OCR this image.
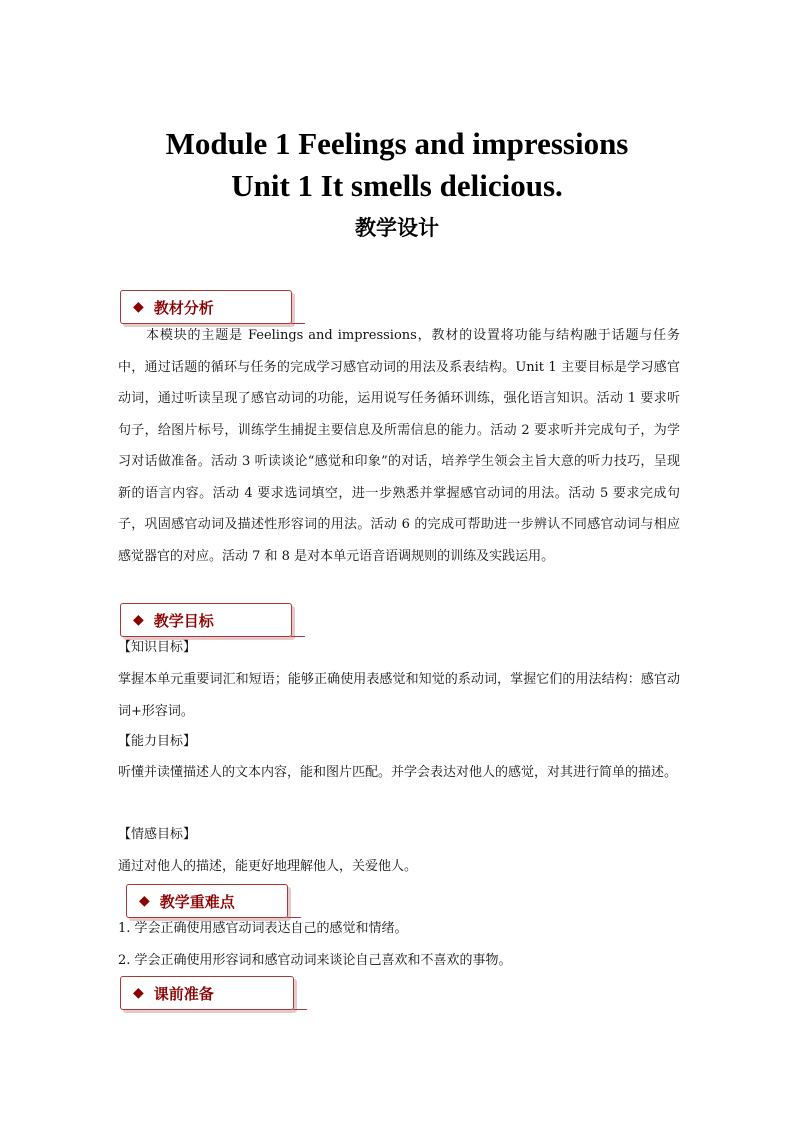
Module 1 Feelings and impressions
Unit 1 It smells delicious.
教学设计
◆ 教材分析
本模块的主题是 Feelings and impressions，教材的设置将功能与结构融于话题与任务中，通过话题的循环与任务的完成学习感官动词的用法及系表结构。Unit 1 主要目标是学习感官动词，通过听读呈现了感官动词的功能，运用说写任务循环训练，强化语言知识。活动 1 要求听句子，给图片标号，训练学生捕捉主要信息及所需信息的能力。活动 2 要求听并完成句子，为学习对话做准备。活动 3 听读谈论“感觉和印象”的对话，培养学生领会主旨大意的听力技巧，呈现新的语言内容。活动 4 要求选词填空，进一步熟悉并掌握感官动词的用法。活动 5 要求完成句子，巩固感官动词及描述性形容词的用法。活动 6 的完成可帮助进一步辨认不同感官动词与相应感觉器官的对应。活动 7 和 8 是对本单元语音语调规则的训练及实践运用。
◆ 教学目标
【知识目标】
掌握本单元重要词汇和短语；能够正确使用表感觉和知觉的系动词，掌握它们的用法结构：感官动词+形容词。
【能力目标】
听懂并读懂描述人的文本内容，能和图片匹配。并学会表达对他人的感觉，对其进行简单的描述。
【情感目标】
通过对他人的描述，能更好地理解他人，关爱他人。
◆ 教学重难点
1. 学会正确使用感官动词表达自己的感觉和情绪。
2. 学会正确使用形容词和感官动词来谈论自己喜欢和不喜欢的事物。
◆ 课前准备
